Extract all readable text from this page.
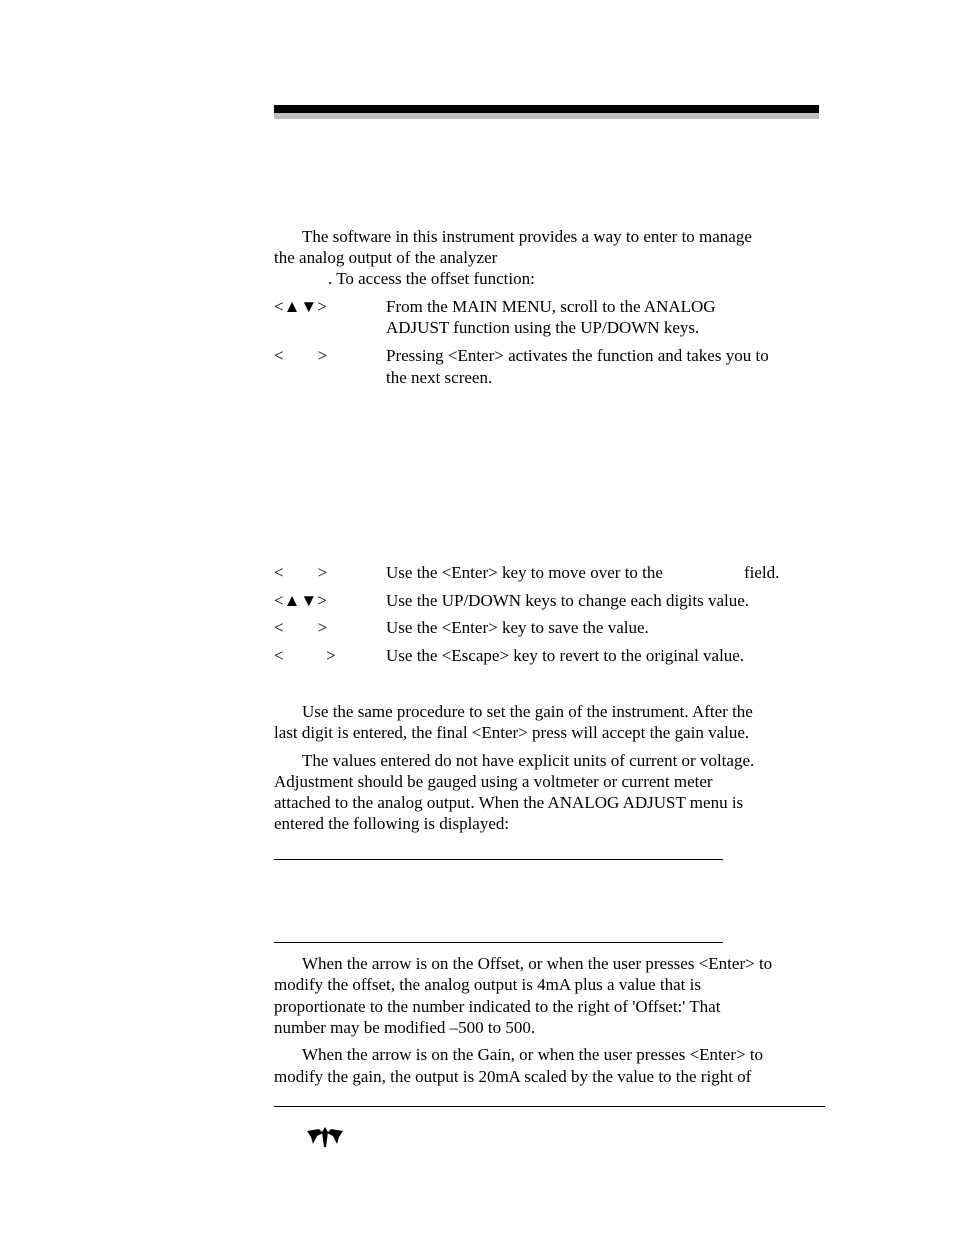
The software in this instrument provides a way to enter to manage
the analog output of the analyzer
. To access the offset function:
<▲▼>	From the MAIN MENU, scroll to the ANALOG
ADJUST function using the UP/DOWN keys.
<        >	Pressing <Enter> activates the function and takes you to
the next screen.
<        >	Use the <Enter> key to move over to the	field.
<▲▼>	Use the UP/DOWN keys to change each digits value.
<        >	Use the <Enter> key to save the value.
<          >	Use the <Escape> key to revert to the original value.
Use the same procedure to set the gain of the instrument. After the
last digit is entered, the final <Enter> press will accept the gain value.
The values entered do not have explicit units of current or voltage.
Adjustment should be gauged using a voltmeter or current meter
attached to the analog output. When the ANALOG ADJUST menu is
entered the following is displayed:
When the arrow is on the Offset, or when the user presses <Enter> to
modify the offset, the analog output is 4mA plus a value that is
proportionate to the number indicated to the right of 'Offset:' That
number may be modified –500 to 500.
When the arrow is on the Gain, or when the user presses <Enter> to
modify the gain, the output is 20mA scaled by the value to the right of
